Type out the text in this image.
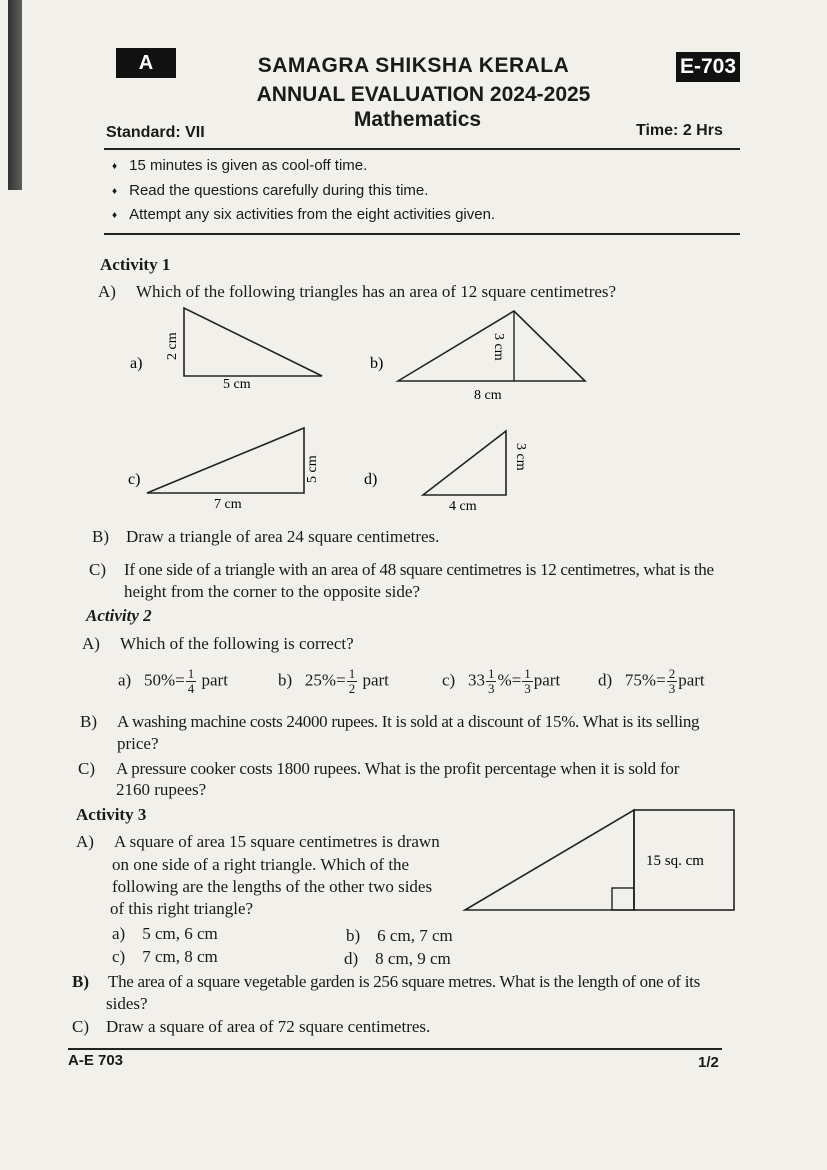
A	E-703
SAMAGRA SHIKSHA KERALA
ANNUAL EVALUATION 2024-2025
Mathematics
Standard: VII	Time: 2 Hrs
♦ 15 minutes is given as cool-off time.
♦ Read the questions carefully during this time.
♦ Attempt any six activities from the eight activities given.
Activity 1
A) Which of the following triangles has an area of 12 square centimetres?
a)
5 cm
2 cm
b)
8 cm
3 cm
c)
7 cm
5 cm	d)
4 cm
3 cm
B) Draw a triangle of area 24 square centimetres.
C) If one side of a triangle with an area of 48 square centimetres is 12 centimetres, what is the
height from the corner to the opposite side?
Activity 2
A) Which of the following is correct?
a) $50\%= \frac{1}{4}$ part	b) $25\%= \frac{1}{2}$ part	c) $33 \frac{1}{3}$ %= $\frac{1}{3}$ part d) $75\%= \frac{2}{3}$ part
B) A washing machine costs 24000 rupees. It is sold at a discount of 15%. What is its selling
price?
C) A pressure cooker costs 1800 rupees. What is the profit percentage when it is sold for
2160 rupees?
Activity 3
A) A square of area 15 square centimetres is drawn
on one side of a right triangle. Which of the
following are the lengths of the other two sides
of this right triangle?
15 sq. cm
a) 5 cm, 6 cm	b) 6 cm, 7 cm
c) 7 cm, 8 cm	d) 8 cm, 9 cm
B) The area of a square vegetable garden is 256 square metres. What is the length of one of its
sides?
C) Draw a square of area of 72 square centimetres.
A-E 703	1/2
